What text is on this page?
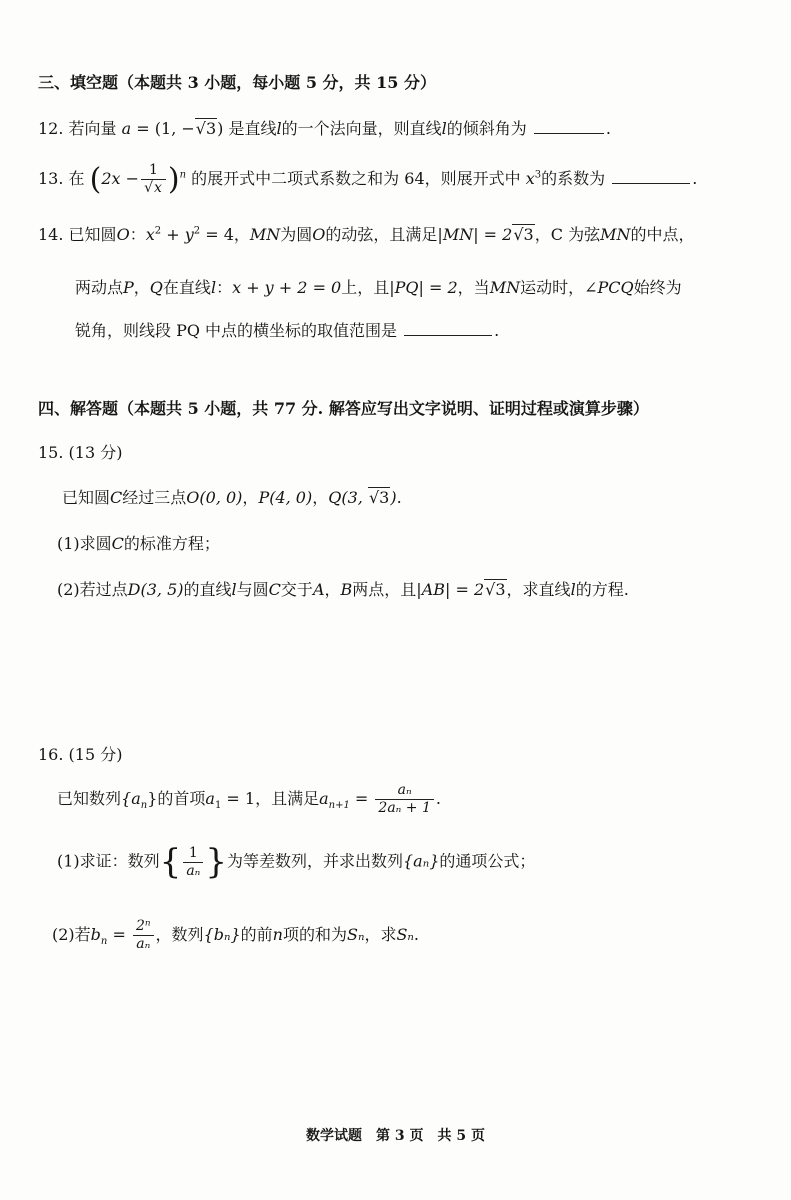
三、填空题（本题共 3 小题，每小题 5 分，共 15 分）
12. 若向量 a = (1, −√3) 是直线l的一个法向量，则直线l的倾斜角为	.
13. 在 $(2x - \frac{1}{√x} )^n$ 的展开式中二项式系数之和为 64，则展开式中 $x^3$的系数为	.
14. 已知圆O：$x^2 + y^2 = 4$，MN为圆O的动弦，且满足|MN| = 2√3，C 为弦MN的中点，
两动点P，Q在直线l：x + y + 2 = 0上，且|PQ| = 2，当MN运动时，∠PCQ始终为
锐角，则线段 PQ 中点的横坐标的取值范围是	.
四、解答题（本题共 5 小题，共 77 分. 解答应写出文字说明、证明过程或演算步骤）
15. (13 分)
已知圆C经过三点O(0, 0)，P(4, 0)，Q(3, √3).
(1)求圆C的标准方程；
(2)若过点D(3, 5)的直线l与圆C交于A，B两点，且|AB| = 2√3，求直线l的方程.
16. (15 分)
已知数列$\{a_n\}$的首项$a_1 = 1$，且满足$a_{n+1} = \frac{\text{aₙ}}{\text{2aₙ + 1}}$ .
(1)求证：数列{ $\frac{1}{\text{aₙ}}$ }为等差数列，并求出数列{aₙ}的通项公式；
(2)若$b_n = \frac{\text{2ⁿ}}{\text{aₙ}}$ ，数列{bₙ}的前n项的和为Sₙ，求Sₙ.
数学试题　第 3 页　共 5 页
